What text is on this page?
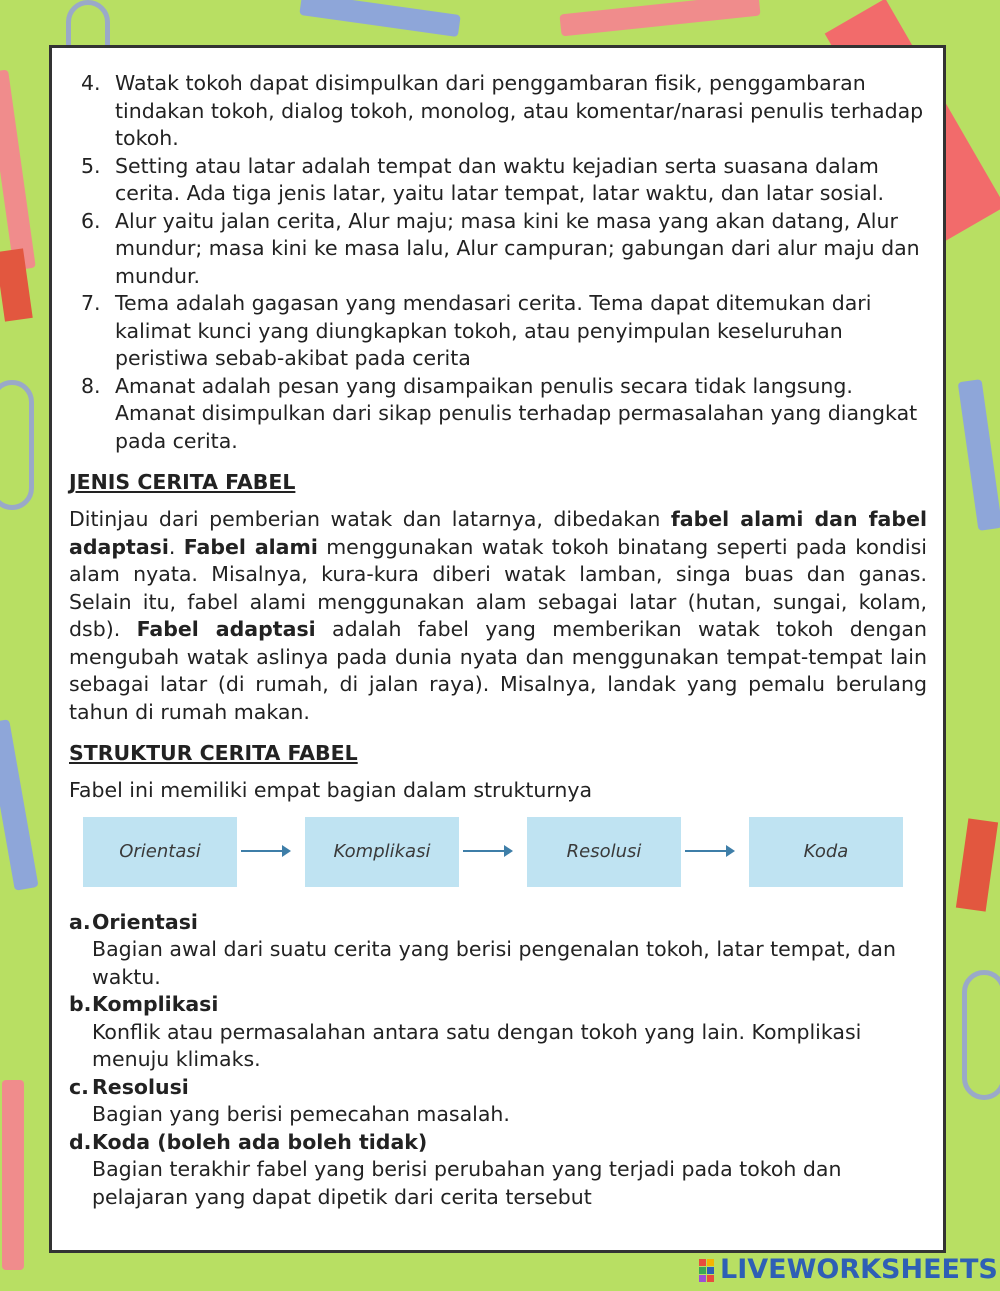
4. Watak tokoh dapat disimpulkan dari penggambaran fisik, penggambaran tindakan tokoh, dialog tokoh, monolog, atau komentar/narasi penulis terhadap tokoh.
5. Setting atau latar adalah tempat dan waktu kejadian serta suasana dalam cerita. Ada tiga jenis latar, yaitu latar tempat, latar waktu, dan latar sosial.
6. Alur yaitu jalan cerita, Alur maju; masa kini ke masa yang akan datang, Alur mundur; masa kini ke masa lalu, Alur campuran; gabungan dari alur maju dan mundur.
7. Tema adalah gagasan yang mendasari cerita. Tema dapat ditemukan dari kalimat kunci yang diungkapkan tokoh, atau penyimpulan keseluruhan peristiwa sebab-akibat pada cerita
8. Amanat adalah pesan yang disampaikan penulis secara tidak langsung. Amanat disimpulkan dari sikap penulis terhadap permasalahan yang diangkat pada cerita.
JENIS CERITA FABEL

Ditinjau dari pemberian watak dan latarnya, dibedakan fabel alami dan fabel adaptasi. Fabel alami menggunakan watak tokoh binatang seperti pada kondisi alam nyata. Misalnya, kura-kura diberi watak lamban, singa buas dan ganas. Selain itu, fabel alami menggunakan alam sebagai latar (hutan, sungai, kolam, dsb). Fabel adaptasi adalah fabel yang memberikan watak tokoh dengan mengubah watak aslinya pada dunia nyata dan menggunakan tempat-tempat lain sebagai latar (di rumah, di jalan raya). Misalnya, landak yang pemalu berulang tahun di rumah makan.

STRUKTUR CERITA FABEL

Fabel ini memiliki empat bagian dalam strukturnya

Orientasi	Komplikasi	Resolusi	Koda
a. Orientasi
Bagian awal dari suatu cerita yang berisi pengenalan tokoh, latar tempat, dan waktu.
b. Komplikasi
Konflik atau permasalahan antara satu dengan tokoh yang lain. Komplikasi menuju klimaks.
c. Resolusi
Bagian yang berisi pemecahan masalah.
d. Koda (boleh ada boleh tidak)
Bagian terakhir fabel yang berisi perubahan yang terjadi pada tokoh dan pelajaran yang dapat dipetik dari cerita tersebut
LIVEWORKSHEETS
